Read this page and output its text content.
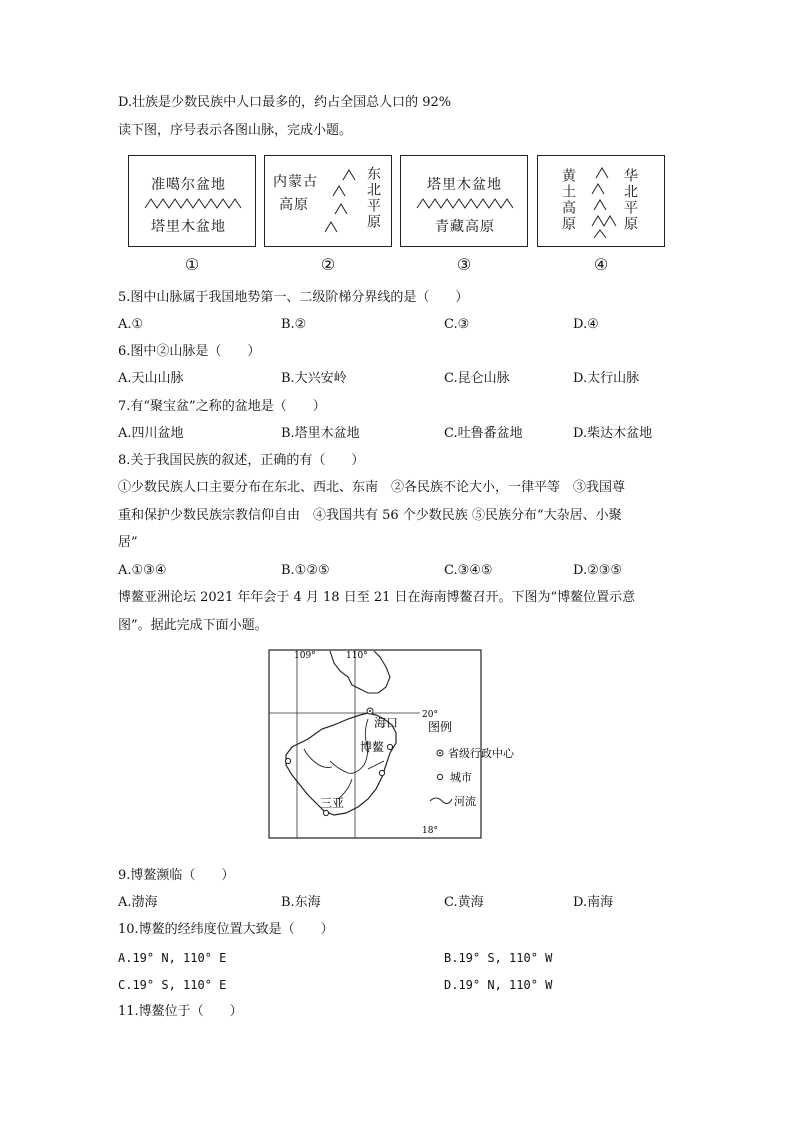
D.壮族是少数民族中人口最多的，约占全国总人口的 92%
读下图，序号表示各图山脉，完成小题。
准噶尔盆地
塔里木盆地
内蒙古
高原	东北平原	塔里木盆地
青藏高原	黄土高原	华北平原
①	②	③	④
5.图中山脉属于我国地势第一、二级阶梯分界线的是（　　）
A.①	B.②	C.③	D.④
6.图中②山脉是（　　）
A.天山山脉	B.大兴安岭	C.昆仑山脉	D.太行山脉
7.有“聚宝盆”之称的盆地是（　　）
A.四川盆地	B.塔里木盆地	C.吐鲁番盆地	D.柴达木盆地
8.关于我国民族的叙述，正确的有（　　）
①少数民族人口主要分布在东北、西北、东南　②各民族不论大小，一律平等　③我国尊
重和保护少数民族宗教信仰自由　④我国共有 56 个少数民族 ⑤民族分布“大杂居、小聚
居”
A.①③④	B.①②⑤	C.③④⑤	D.②③⑤
博鳌亚洲论坛 2021 年年会于 4 月 18 日至 21 日在海南博鳌召开。下图为“博鳌位置示意
图”。据此完成下面小题。
109°	110°
20°
18°
海口
博鳌
三亚
图例
省级行政中心
城市
河流
9.博鳌濒临（　　）
A.渤海	B.东海	C.黄海	D.南海
10.博鳌的经纬度位置大致是（　　）
A.19° N, 110° E	B.19° S, 110° W
C.19° S, 110° E	D.19° N, 110° W
11.博鳌位于（　　）
